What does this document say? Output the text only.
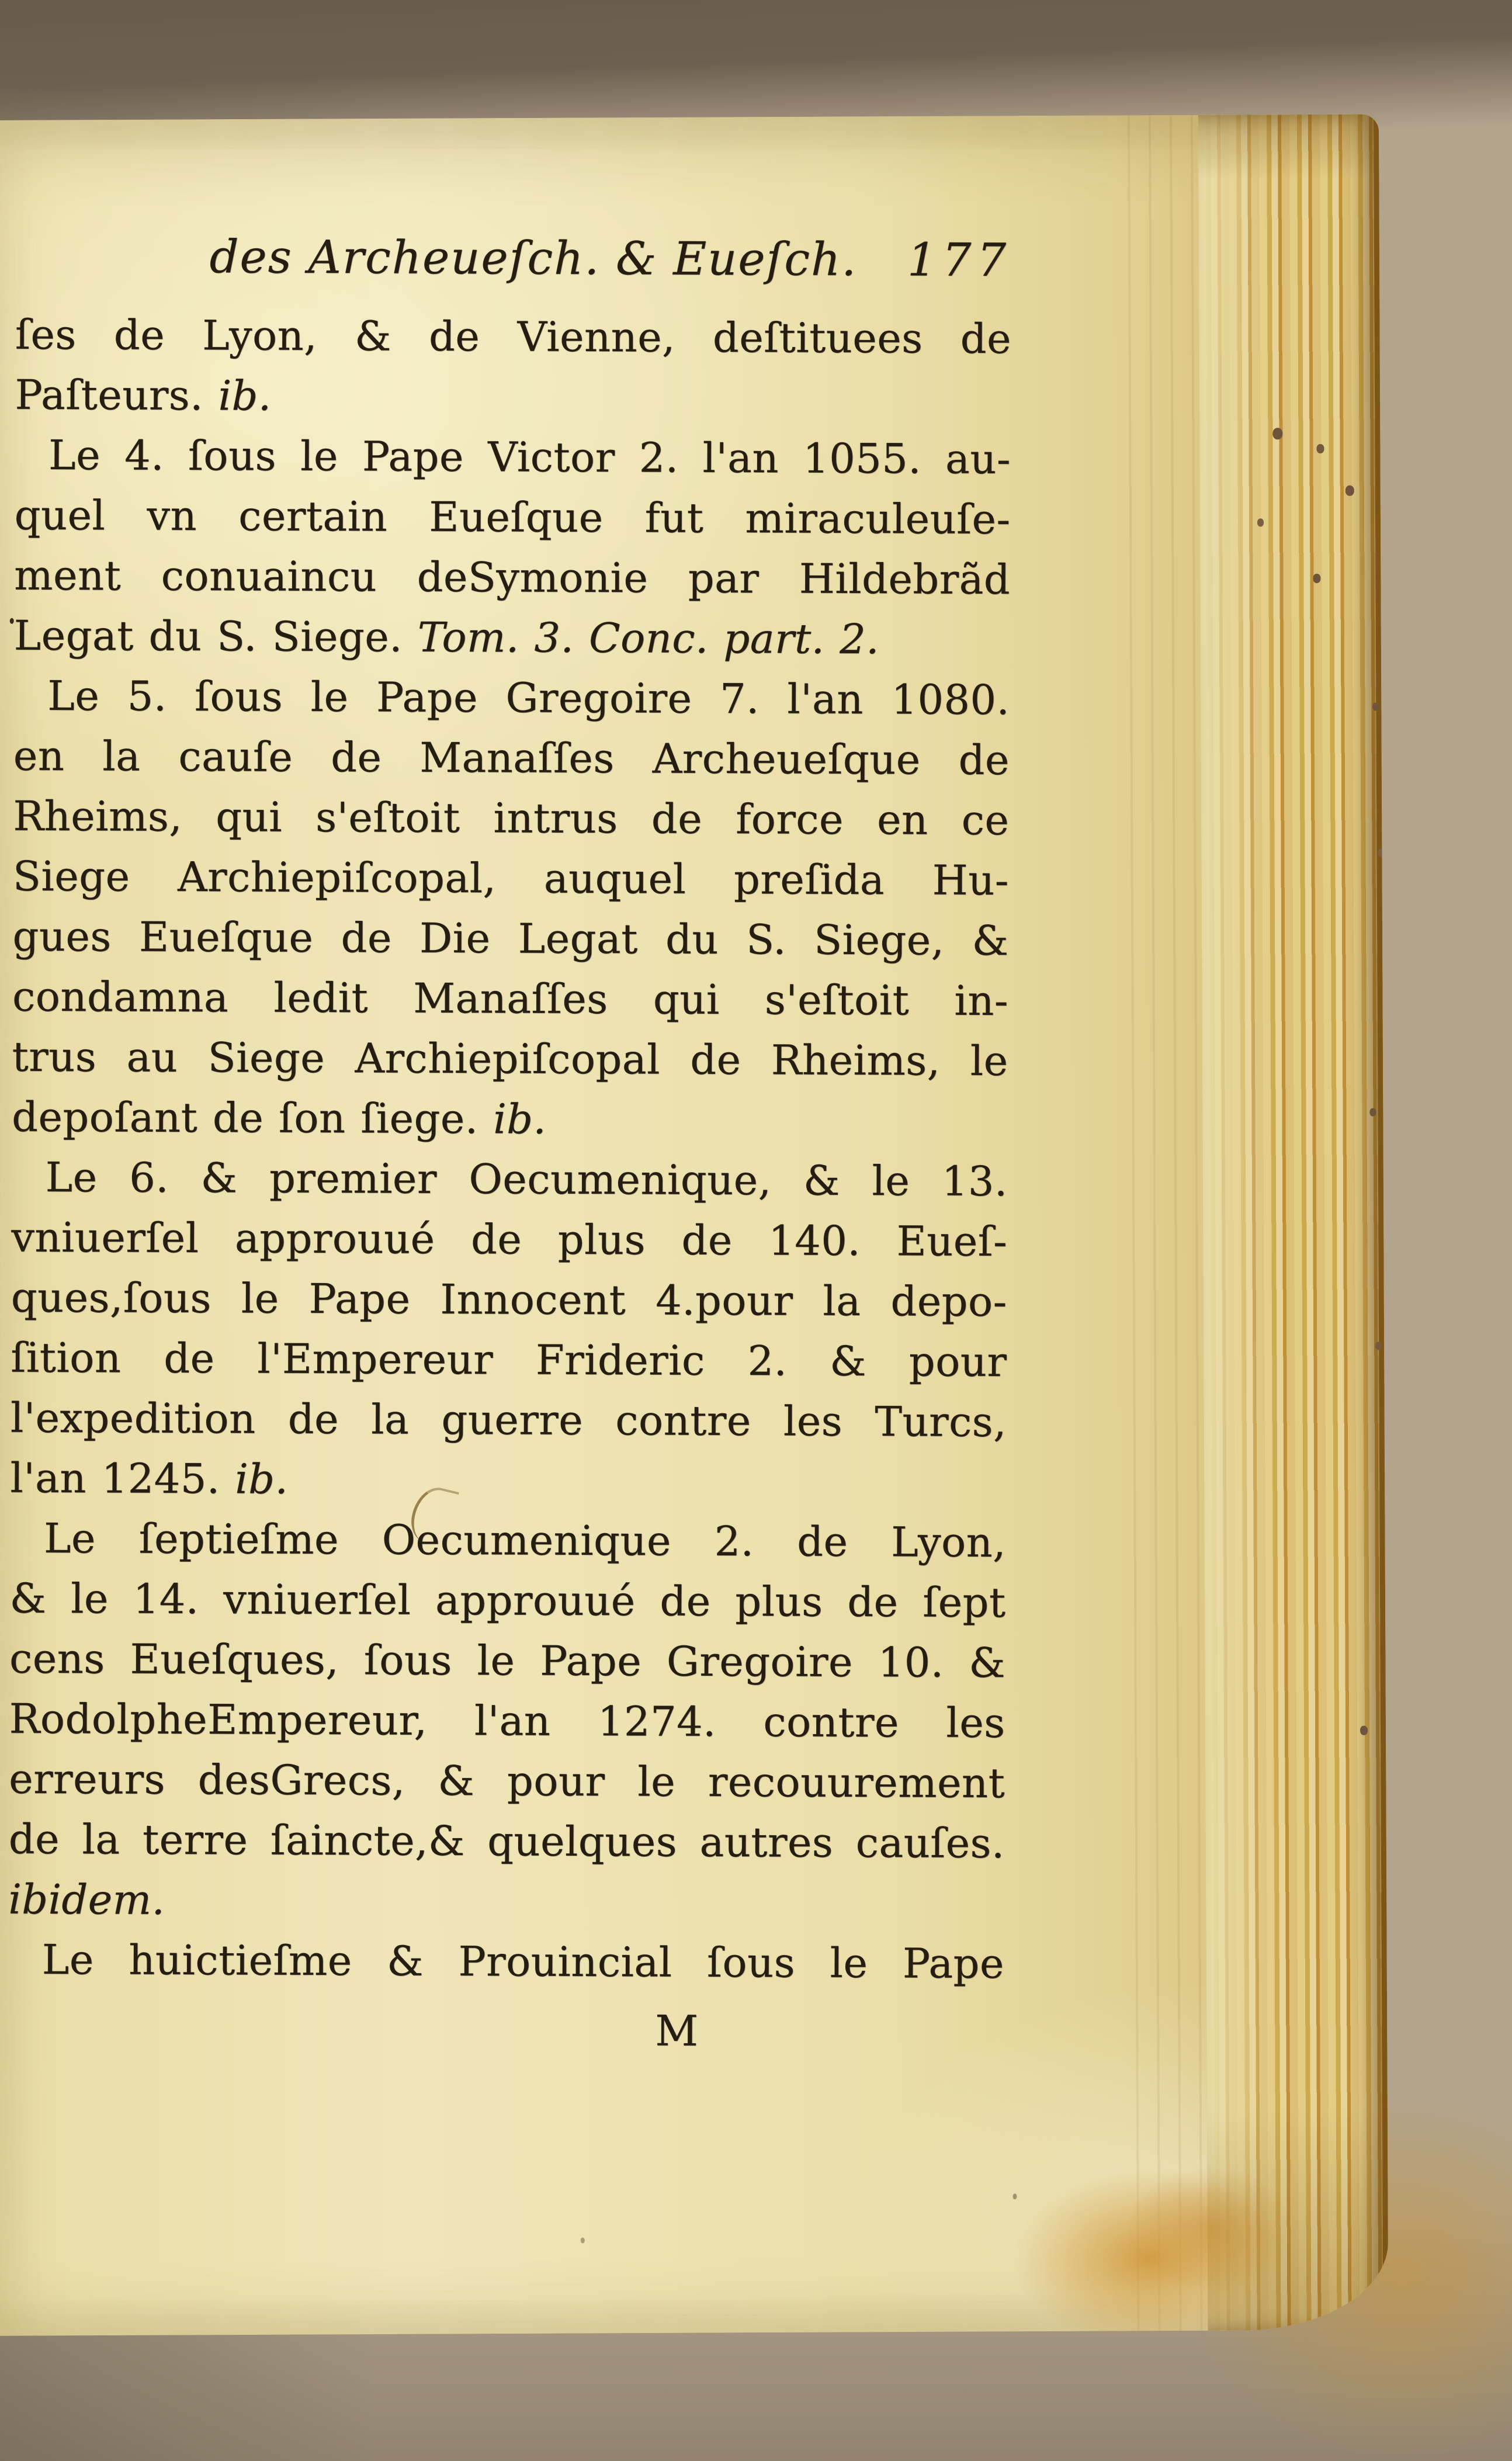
des Archeueſch. & Eueſch. 177
ſes de Lyon, & de Vienne, deſtituees de
Paſteurs. ib.
Le 4. ſous le Pape Victor 2. l'an 1055. au-
quel vn certain Eueſque fut miraculeuſe-
ment conuaincu deSymonie par Hildebrãd
Legat du S. Siege. Tom. 3. Conc. part. 2.
Le 5. ſous le Pape Gregoire 7. l'an 1080.
en la cauſe de Manaſſes Archeueſque de
Rheims, qui s'eſtoit intrus de force en ce
Siege Archiepiſcopal, auquel preſida Hu-
gues Eueſque de Die Legat du S. Siege, &
condamna ledit Manaſſes qui s'eſtoit in-
trus au Siege Archiepiſcopal de Rheims, le
depoſant de ſon ſiege. ib.
Le 6. & premier Oecumenique, & le 13.
vniuerſel approuué de plus de 140. Eueſ-
ques,ſous le Pape Innocent 4.pour la depo-
ſition de l'Empereur Frideric 2. & pour
l'expedition de la guerre contre les Turcs,
l'an 1245. ib.
Le ſeptieſme Oecumenique 2. de Lyon,
& le 14. vniuerſel approuué de plus de ſept
cens Eueſques, ſous le Pape Gregoire 10. &
RodolpheEmpereur, l'an 1274. contre les
erreurs desGrecs, & pour le recouurement
de la terre ſaincte,& quelques autres cauſes.
ibidem.
Le huictieſme & Prouincial ſous le Pape
M
